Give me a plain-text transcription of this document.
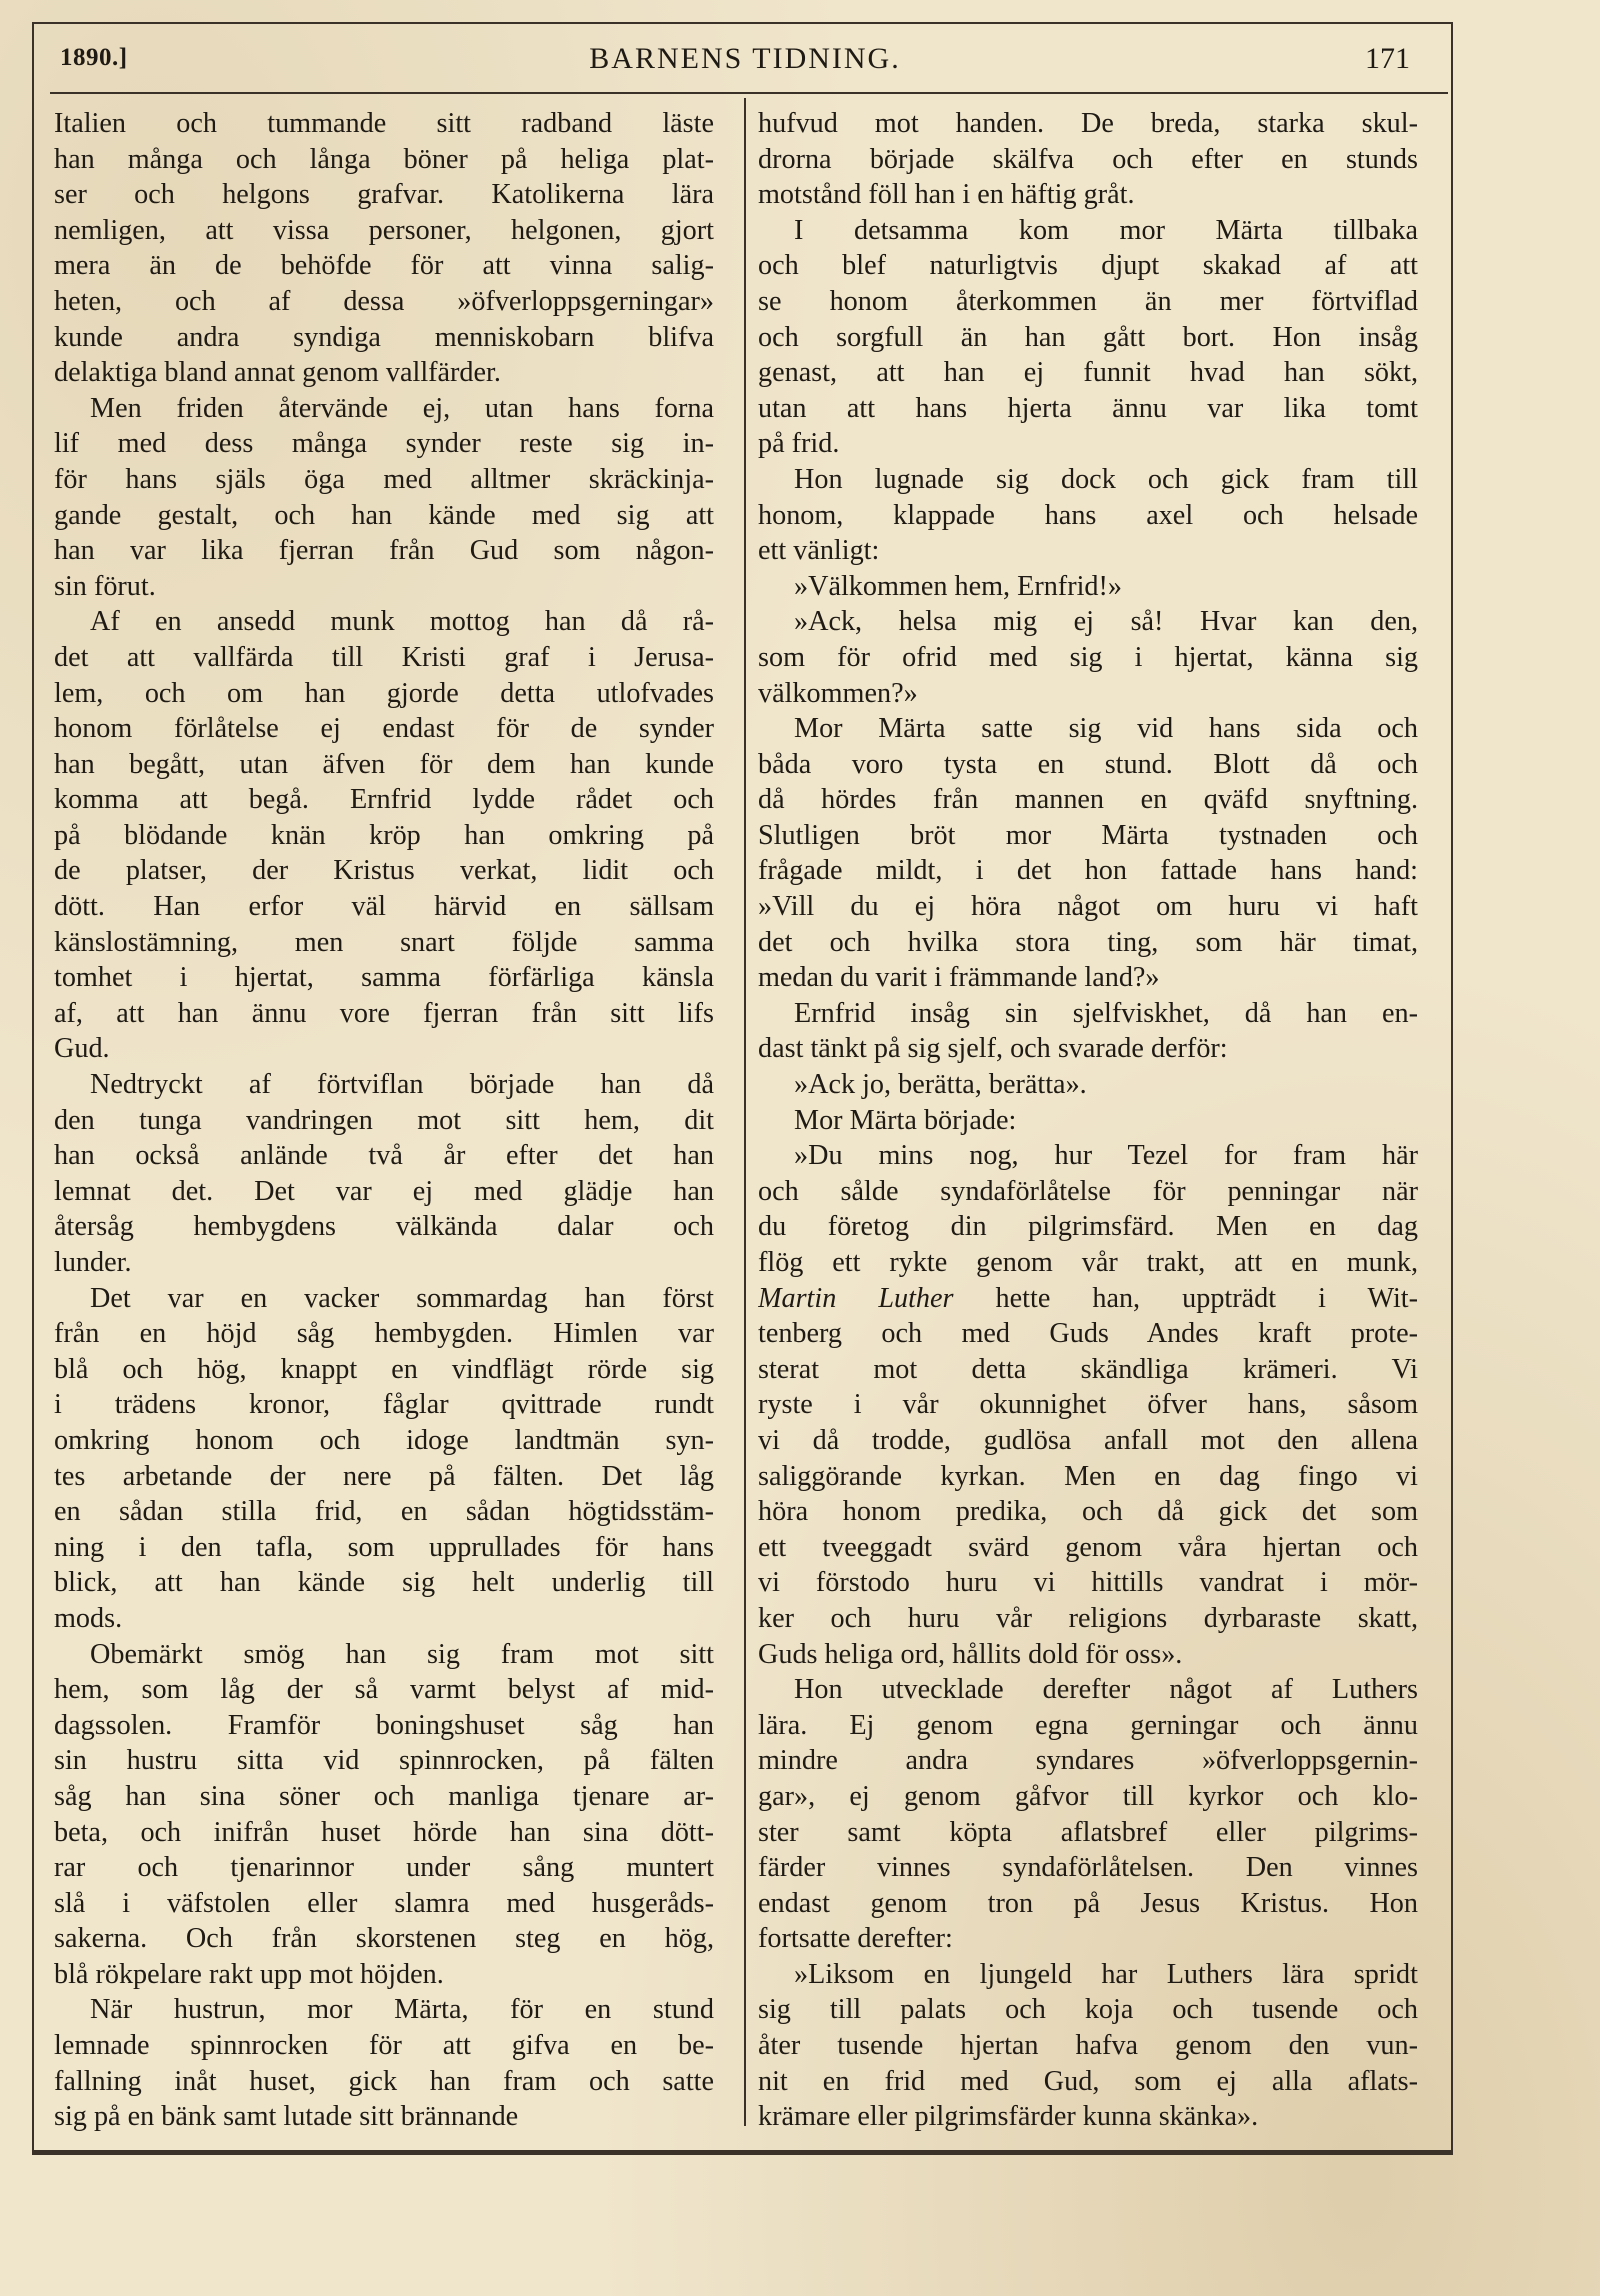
1890.]	BARNENS TIDNING.	171
Italien och tummande sitt radband läste
han många och långa böner på heliga plat-
ser och helgons grafvar. Katolikerna lära
nemligen, att vissa personer, helgonen, gjort
mera än de behöfde för att vinna salig-
heten, och af dessa »öfverloppsgerningar»
kunde andra syndiga menniskobarn blifva
delaktiga bland annat genom vallfärder.
Men friden återvände ej, utan hans forna
lif med dess många synder reste sig in-
för hans själs öga med alltmer skräckinja-
gande gestalt, och han kände med sig att
han var lika fjerran från Gud som någon-
sin förut.
Af en ansedd munk mottog han då rå-
det att vallfärda till Kristi graf i Jerusa-
lem, och om han gjorde detta utlofvades
honom förlåtelse ej endast för de synder
han begått, utan äfven för dem han kunde
komma att begå. Ernfrid lydde rådet och
på blödande knän kröp han omkring på
de platser, der Kristus verkat, lidit och
dött. Han erfor väl härvid en sällsam
känslostämning, men snart följde samma
tomhet i hjertat, samma förfärliga känsla
af, att han ännu vore fjerran från sitt lifs
Gud.
Nedtryckt af förtviflan började han då
den tunga vandringen mot sitt hem, dit
han också anlände två år efter det han
lemnat det. Det var ej med glädje han
återsåg hembygdens välkända dalar och
lunder.
Det var en vacker sommardag han först
från en höjd såg hembygden. Himlen var
blå och hög, knappt en vindflägt rörde sig
i trädens kronor, fåglar qvittrade rundt
omkring honom och idoge landtmän syn-
tes arbetande der nere på fälten. Det låg
en sådan stilla frid, en sådan högtidsstäm-
ning i den tafla, som upprullades för hans
blick, att han kände sig helt underlig till
mods.
Obemärkt smög han sig fram mot sitt
hem, som låg der så varmt belyst af mid-
dagssolen. Framför boningshuset såg han
sin hustru sitta vid spinnrocken, på fälten
såg han sina söner och manliga tjenare ar-
beta, och inifrån huset hörde han sina dött-
rar och tjenarinnor under sång muntert
slå i väfstolen eller slamra med husgeråds-
sakerna. Och från skorstenen steg en hög,
blå rökpelare rakt upp mot höjden.
När hustrun, mor Märta, för en stund
lemnade spinnrocken för att gifva en be-
fallning inåt huset, gick han fram och satte
sig på en bänk samt lutade sitt brännande
hufvud mot handen. De breda, starka skul-
drorna började skälfva och efter en stunds
motstånd föll han i en häftig gråt.
I detsamma kom mor Märta tillbaka
och blef naturligtvis djupt skakad af att
se honom återkommen än mer förtviflad
och sorgfull än han gått bort. Hon insåg
genast, att han ej funnit hvad han sökt,
utan att hans hjerta ännu var lika tomt
på frid.
Hon lugnade sig dock och gick fram till
honom, klappade hans axel och helsade
ett vänligt:
»Välkommen hem, Ernfrid!»
»Ack, helsa mig ej så! Hvar kan den,
som för ofrid med sig i hjertat, känna sig
välkommen?»
Mor Märta satte sig vid hans sida och
båda voro tysta en stund. Blott då och
då hördes från mannen en qväfd snyftning.
Slutligen bröt mor Märta tystnaden och
frågade mildt, i det hon fattade hans hand:
»Vill du ej höra något om huru vi haft
det och hvilka stora ting, som här timat,
medan du varit i främmande land?»
Ernfrid insåg sin sjelfviskhet, då han en-
dast tänkt på sig sjelf, och svarade derför:
»Ack jo, berätta, berätta».
Mor Märta började:
»Du mins nog, hur Tezel for fram här
och sålde syndaförlåtelse för penningar när
du företog din pilgrimsfärd. Men en dag
flög ett rykte genom vår trakt, att en munk,
Martin Luther hette han, uppträdt i Wit-
tenberg och med Guds Andes kraft prote-
sterat mot detta skändliga krämeri. Vi
ryste i vår okunnighet öfver hans, såsom
vi då trodde, gudlösa anfall mot den allena
saliggörande kyrkan. Men en dag fingo vi
höra honom predika, och då gick det som
ett tveeggadt svärd genom våra hjertan och
vi förstodo huru vi hittills vandrat i mör-
ker och huru vår religions dyrbaraste skatt,
Guds heliga ord, hållits dold för oss».
Hon utvecklade derefter något af Luthers
lära. Ej genom egna gerningar och ännu
mindre andra syndares »öfverloppsgernin-
gar», ej genom gåfvor till kyrkor och klo-
ster samt köpta aflatsbref eller pilgrims-
färder vinnes syndaförlåtelsen. Den vinnes
endast genom tron på Jesus Kristus. Hon
fortsatte derefter:
»Liksom en ljungeld har Luthers lära spridt
sig till palats och koja och tusende och
åter tusende hjertan hafva genom den vun-
nit en frid med Gud, som ej alla aflats-
krämare eller pilgrimsfärder kunna skänka».
